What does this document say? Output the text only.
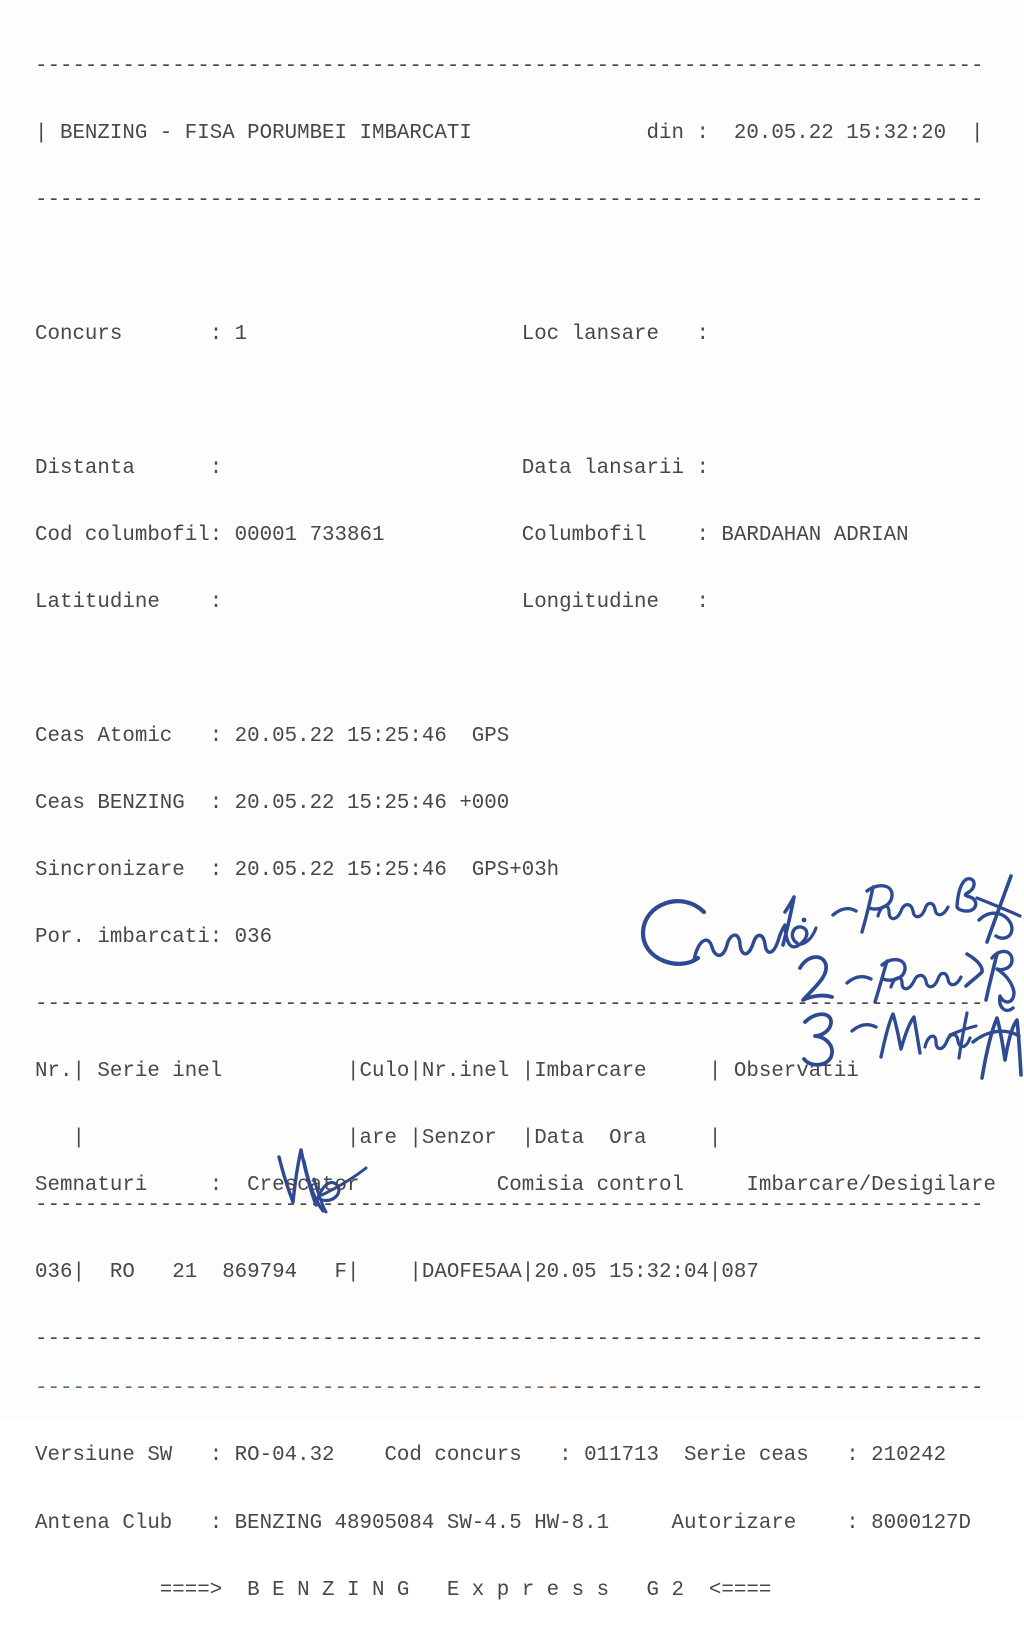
----------------------------------------------------------------------------

| BENZING - FISA PORUMBEI IMBARCATI              din :  20.05.22 15:32:20  |

----------------------------------------------------------------------------

Concurs       : 1                      Loc lansare   :

Distanta      :                        Data lansarii :

Cod columbofil: 00001 733861           Columbofil    : BARDAHAN ADRIAN

Latitudine    :                        Longitudine   :

Ceas Atomic   : 20.05.22 15:25:46  GPS

Ceas BENZING  : 20.05.22 15:25:46 +000

Sincronizare  : 20.05.22 15:25:46  GPS+03h

Por. imbarcati: 036

----------------------------------------------------------------------------

Nr.| Serie inel          |Culo|Nr.inel |Imbarcare     | Observatii

|                     |are |Senzor  |Data  Ora     |

----------------------------------------------------------------------------

036|  RO   21  869794   F|    |DAOFE5AA|20.05 15:32:04|087

----------------------------------------------------------------------------

Semnaturi     :  Crescator           Comisia control     Imbarcare/Desigilare

----------------------------------------------------------------------------

Versiune SW   : RO-04.32    Cod concurs   : 011713  Serie ceas   : 210242

Antena Club   : BENZING 48905084 SW-4.5 HW-8.1     Autorizare    : 8000127D

====>  B E N Z I N G   E x p r e s s   G 2  <====
